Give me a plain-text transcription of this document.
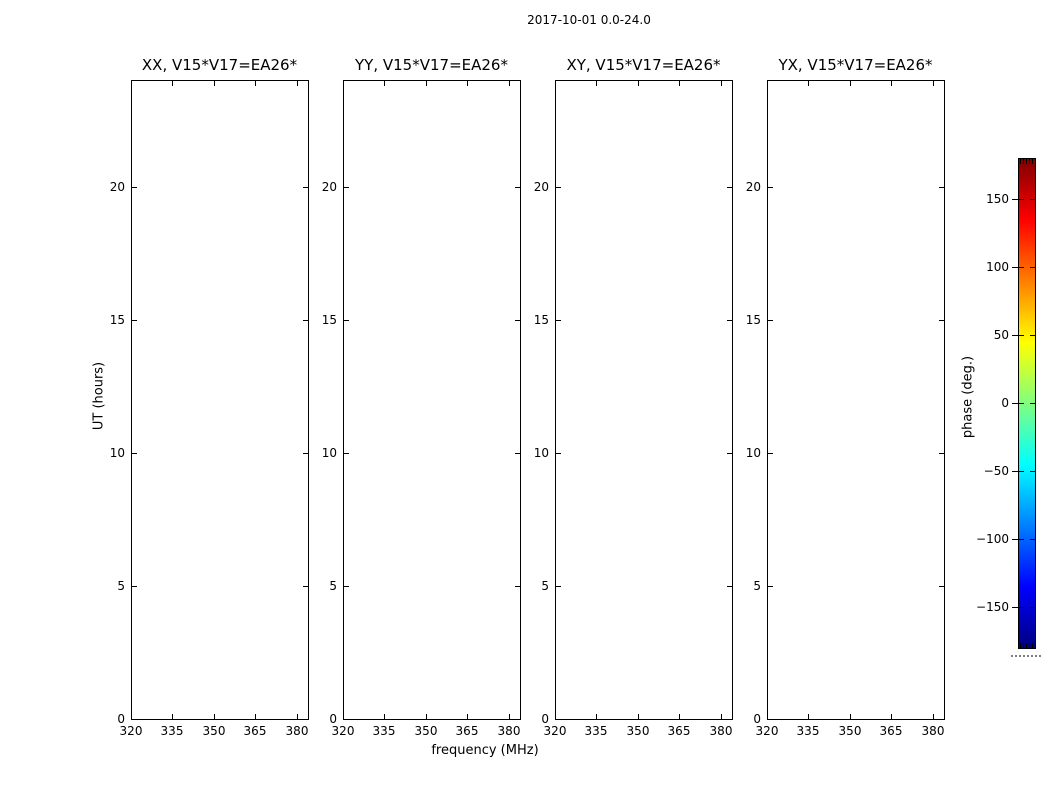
2017-10-01 0.0-24.0
frequency (MHz)
UT (hours)	phase (deg.)
XX, V15*V17=EA26*
320	335	350	365	380
0
5
10
15
20
YY, V15*V17=EA26*
320	335	350	365	380
0
5
10
15
20
XY, V15*V17=EA26*
320	335	350	365	380
0
5
10
15
20
YX, V15*V17=EA26*
320	335	350	365	380
0
5
10
15
20
150
100
50
0
−50
−100
−150
